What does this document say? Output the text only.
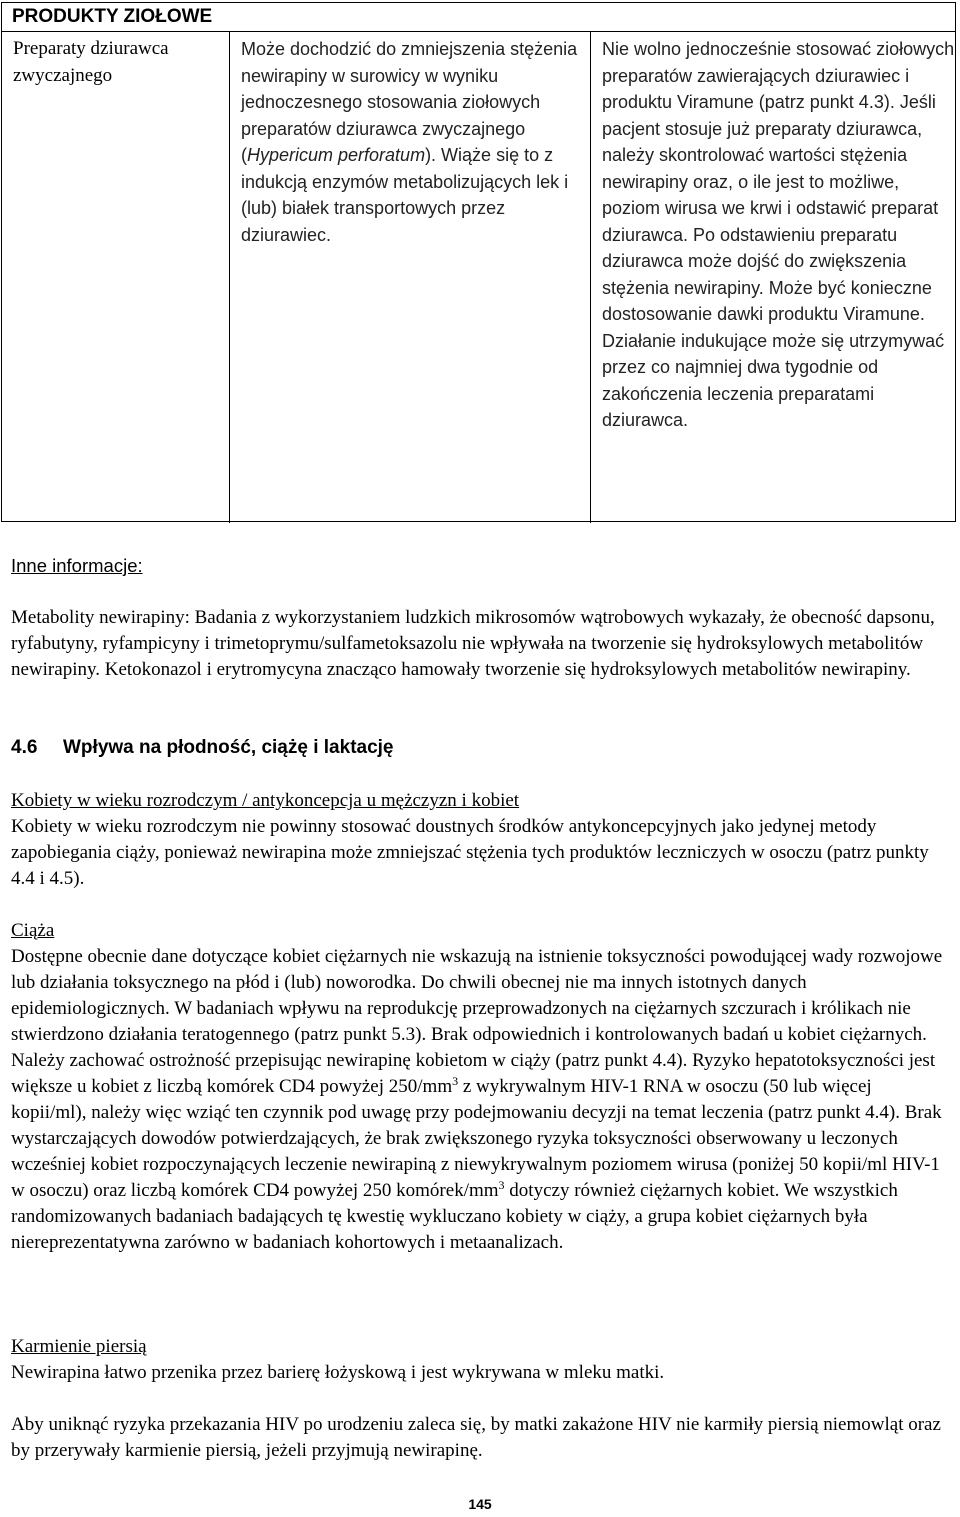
PRODUKTY ZIOŁOWE

Preparaty dziurawca zwyczajnego

Może dochodzić do zmniejszenia stężenia newirapiny w surowicy w wyniku jednoczesnego stosowania ziołowych preparatów dziurawca zwyczajnego (Hypericum perforatum). Wiąże się to z indukcją enzymów metabolizujących lek i (lub) białek transportowych przez dziurawiec.

Nie wolno jednocześnie stosować ziołowych preparatów zawierających dziurawiec i produktu Viramune (patrz punkt 4.3). Jeśli pacjent stosuje już preparaty dziurawca, należy skontrolować wartości stężenia newirapiny oraz, o ile jest to możliwe, poziom wirusa we krwi i odstawić preparat dziurawca. Po odstawieniu preparatu dziurawca może dojść do zwiększenia stężenia newirapiny. Może być konieczne dostosowanie dawki produktu Viramune. Działanie indukujące może się utrzymywać przez co najmniej dwa tygodnie od zakończenia leczenia preparatami dziurawca.

Inne informacje:

Metabolity newirapiny: Badania z wykorzystaniem ludzkich mikrosomów wątrobowych wykazały, że obecność dapsonu, ryfabutyny, ryfampicyny i trimetoprymu/sulfametoksazolu nie wpływała na tworzenie się hydroksylowych metabolitów newirapiny. Ketokonazol i erytromycyna znacząco hamowały tworzenie się hydroksylowych metabolitów newirapiny.

4.6 Wpływa na płodność, ciążę i laktację

Kobiety w wieku rozrodczym / antykoncepcja u mężczyzn i kobiet

Kobiety w wieku rozrodczym nie powinny stosować doustnych środków antykoncepcyjnych jako jedynej metody zapobiegania ciąży, ponieważ newirapina może zmniejszać stężenia tych produktów leczniczych w osoczu (patrz punkty 4.4 i 4.5).

Ciąża

Dostępne obecnie dane dotyczące kobiet ciężarnych nie wskazują na istnienie toksyczności powodującej wady rozwojowe lub działania toksycznego na płód i (lub) noworodka. Do chwili obecnej nie ma innych istotnych danych epidemiologicznych. W badaniach wpływu na reprodukcję przeprowadzonych na ciężarnych szczurach i królikach nie stwierdzono działania teratogennego (patrz punkt 5.3). Brak odpowiednich i kontrolowanych badań u kobiet ciężarnych. Należy zachować ostrożność przepisując newirapinę kobietom w ciąży (patrz punkt 4.4). Ryzyko hepatotoksyczności jest większe u kobiet z liczbą komórek CD4 powyżej $250/mm^3$ z wykrywalnym HIV-1 RNA w osoczu (50 lub więcej kopii/ml), należy więc wziąć ten czynnik pod uwagę przy podejmowaniu decyzji na temat leczenia (patrz punkt 4.4). Brak wystarczających dowodów potwierdzających, że brak zwiększonego ryzyka toksyczności obserwowany u leczonych wcześniej kobiet rozpoczynających leczenie newirapiną z niewykrywalnym poziomem wirusa (poniżej 50 kopii/ml HIV-1 w osoczu) oraz liczbą komórek CD4 powyżej 250 komórek/$mm^3$ dotyczy również ciężarnych kobiet. We wszystkich randomizowanych badaniach badających tę kwestię wykluczano kobiety w ciąży, a grupa kobiet ciężarnych była niereprezentatywna zarówno w badaniach kohortowych i metaanalizach.

Karmienie piersią

Newirapina łatwo przenika przez barierę łożyskową i jest wykrywana w mleku matki.

Aby uniknąć ryzyka przekazania HIV po urodzeniu zaleca się, by matki zakażone HIV nie karmiły piersią niemowląt oraz by przerywały karmienie piersią, jeżeli przyjmują newirapinę.

145
